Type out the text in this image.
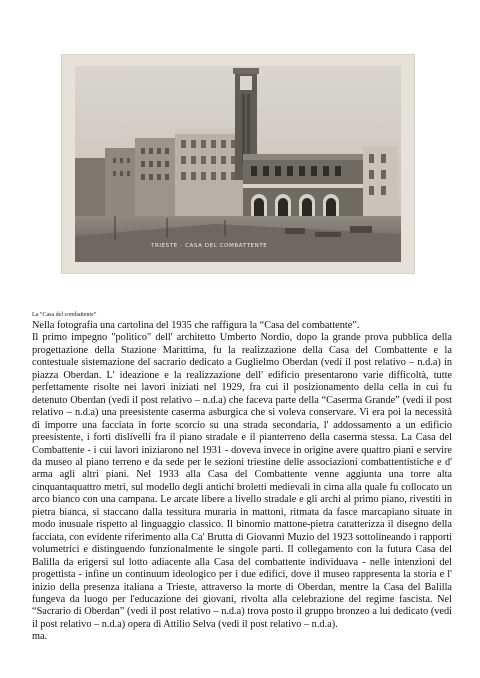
TRIESTE - CASA DEL COMBATTENTE
La “Casa del combattente”

Nella fotografia una cartolina del 1935 che raffigura la “Casa del combattente”.

Il primo impegno "politico" dell' architetto Umberto Nordio, dopo la grande prova pubblica della progettazione della Stazione Marittima, fu la realizzazione della Casa del Combattente e la contestuale sistemazione del sacrario dedicato a Guglielmo Oberdan (vedi il post relativo – n.d.a) in piazza Oberdan. L' ideazione e la realizzazione dell' edificio presentarono varie difficoltà, tutte perfettamente risolte nei lavori iniziati nel 1929, fra cui il posizionamento della cella in cui fu detenuto Oberdan (vedi il post relativo – n.d.a) che faceva parte della “Caserma Grande” (vedi il post relativo – n.d.a) una preesistente caserma asburgica che si voleva conservare. Vi era poi la necessità di imporre una facciata in forte scorcio su una strada secondaria, l' addossamento a un edificio preesistente, i forti dislivelli fra il piano stradale e il pianterreno della caserma stessa. La Casa del Combattente - i cui lavori iniziarono nel 1931 - doveva invece in origine avere quattro piani e servire da museo al piano terreno e da sede per le sezioni triestine delle associazioni combattentistiche e d' arma agli altri piani. Nel 1933 alla Casa del Combattente venne aggiunta una torre alta cinquantaquattro metri, sul modello degli antichi broletti medievali in cima alla quale fu collocato un arco bianco con una campana. Le arcate libere a livello stradale e gli archi al primo piano, rivestiti in pietra bianca, si staccano dalla tessitura muraria in mattoni, ritmata da fasce marcapiano situate in modo inusuale rispetto al linguaggio classico. Il binomio mattone-pietra caratterizza il disegno della facciata, con evidente riferimento alla Ca' Brutta di Giovanni Muzio del 1923 sottolineando i rapporti volumetrici e distinguendo funzionalmente le singole parti. Il collegamento con la futura Casa del Balilla da erigersi sul lotto adiacente alla Casa del combattente individuava - nelle intenzioni del progettista - infine un continuum ideologico per i due edifici, dove il museo rappresenta la storia e l' inizio della presenza italiana a Trieste, attraverso la morte di Oberdan, mentre la Casa del Balilla fungeva da luogo per l'educazione dei giovani, rivolta alla celebrazione del regime fascista. Nel “Sacrario di Oberdan” (vedi il post relativo – n.d.a) trova posto il gruppo bronzeo a lui dedicato (vedi il post relativo – n.d.a) opera di Attilio Selva (vedi il post relativo – n.d.a).

ma.
